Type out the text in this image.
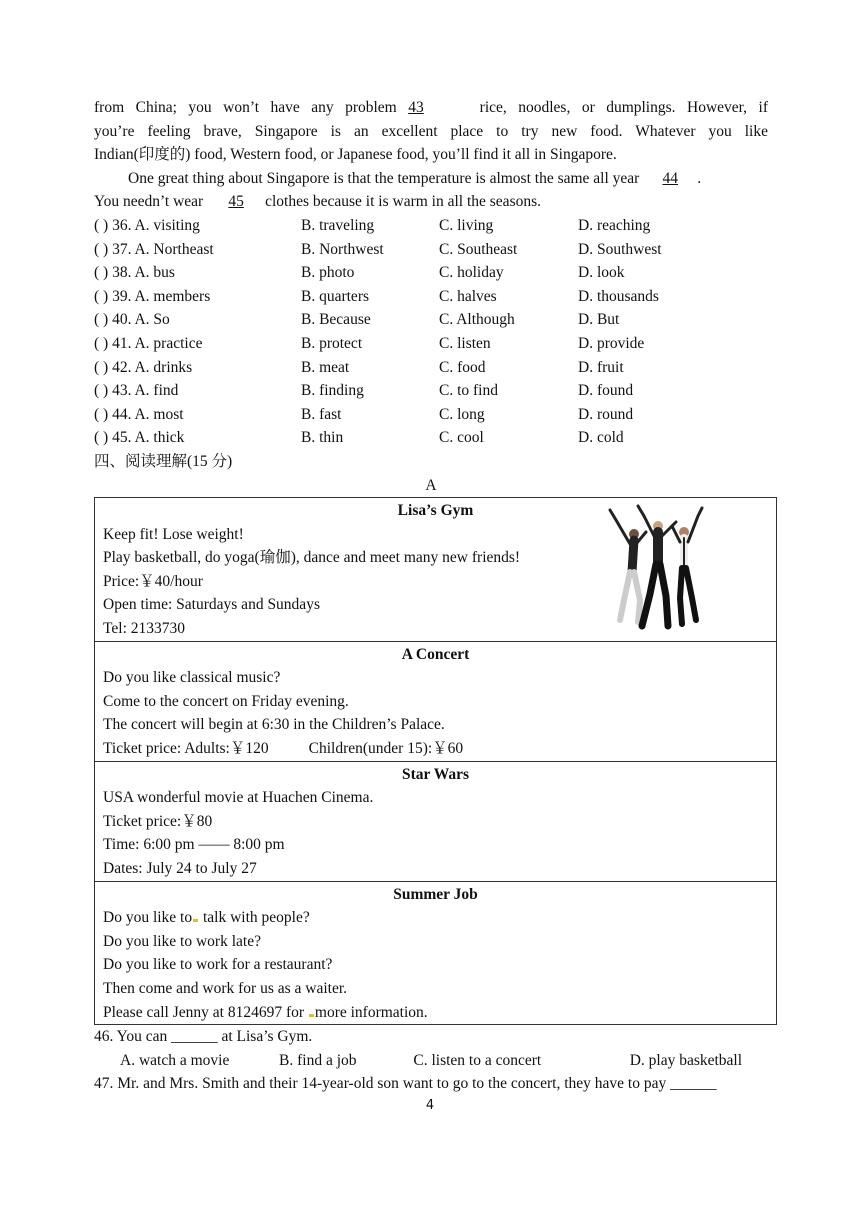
from China; you won’t have any problem 43	rice, noodles, or dumplings. However, if
you’re feeling brave, Singapore is an excellent place to try new food. Whatever you like
Indian(印度的) food, Western food, or Japanese food, you’ll find it all in Singapore.
One great thing about Singapore is that the temperature is almost the same all year 44 .
You needn’t wear 45 clothes because it is warm in all the seasons.
( ) 36. A. visiting	B. traveling	C. living	D. reaching
( ) 37. A. Northeast	B. Northwest	C. Southeast	D. Southwest
( ) 38. A. bus	B. photo	C. holiday	D. look
( ) 39. A. members	B. quarters	C. halves	D. thousands
( ) 40. A. So	B. Because	C. Although	D. But
( ) 41. A. practice	B. protect	C. listen	D. provide
( ) 42. A. drinks	B. meat	C. food	D. fruit
( ) 43. A. find	B. finding	C. to find	D. found
( ) 44. A. most	B. fast	C. long	D. round
( ) 45. A. thick	B. thin	C. cool	D. cold
四、阅读理解(15 分)
A
Lisa’s Gym
Keep fit! Lose weight!
Play basketball, do yoga(瑜伽), dance and meet many new friends!
Price:￥40/hour
Open time: Saturdays and Sundays
Tel: 2133730

A Concert
Do you like classical music?
Come to the concert on Friday evening.
The concert will begin at 6:30 in the Children’s Palace.
Ticket price: Adults:￥120	Children(under 15):￥60

Star Wars
USA wonderful movie at Huachen Cinema.
Ticket price:￥80
Time: 6:00 pm —— 8:00 pm
Dates: July 24 to July 27

Summer Job
Do you like to talk with people?
Do you like to work late?
Do you like to work for a restaurant?
Then come and work for us as a waiter.
Please call Jenny at 8124697 for more information.
46. You can ______ at Lisa’s Gym.
A. watch a movie	B. find a job	C. listen to a concert	D. play basketball
47. Mr. and Mrs. Smith and their 14-year-old son want to go to the concert, they have to pay ______
4
